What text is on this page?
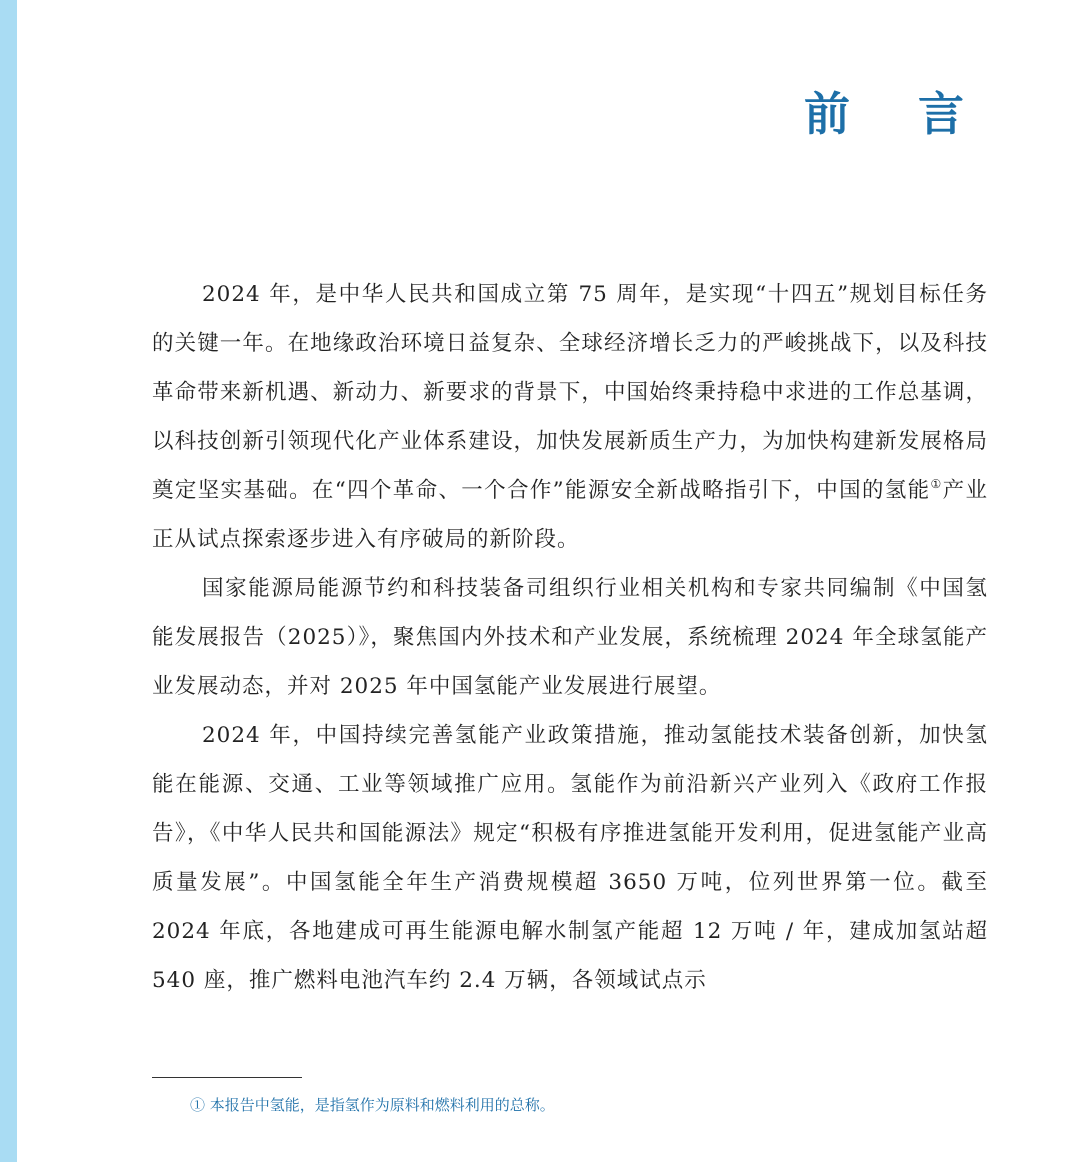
前 言

2024 年，是中华人民共和国成立第 75 周年，是实现“十四五”规划目标任务的关键一年。在地缘政治环境日益复杂、全球经济增长乏力的严峻挑战下，以及科技革命带来新机遇、新动力、新要求的背景下，中国始终秉持稳中求进的工作总基调，以科技创新引领现代化产业体系建设，加快发展新质生产力，为加快构建新发展格局奠定坚实基础。在“四个革命、一个合作”能源安全新战略指引下，中国的氢能①产业正从试点探索逐步进入有序破局的新阶段。

国家能源局能源节约和科技装备司组织行业相关机构和专家共同编制《中国氢能发展报告（2025）》，聚焦国内外技术和产业发展，系统梳理 2024 年全球氢能产业发展动态，并对 2025 年中国氢能产业发展进行展望。

2024 年，中国持续完善氢能产业政策措施，推动氢能技术装备创新，加快氢能在能源、交通、工业等领域推广应用。氢能作为前沿新兴产业列入《政府工作报告》，《中华人民共和国能源法》规定“积极有序推进氢能开发利用，促进氢能产业高质量发展”。中国氢能全年生产消费规模超 3650 万吨，位列世界第一位。截至 2024 年底，各地建成可再生能源电解水制氢产能超 12 万吨 / 年，建成加氢站超 540 座，推广燃料电池汽车约 2.4 万辆，各领域试点示

① 本报告中氢能，是指氢作为原料和燃料利用的总称。
